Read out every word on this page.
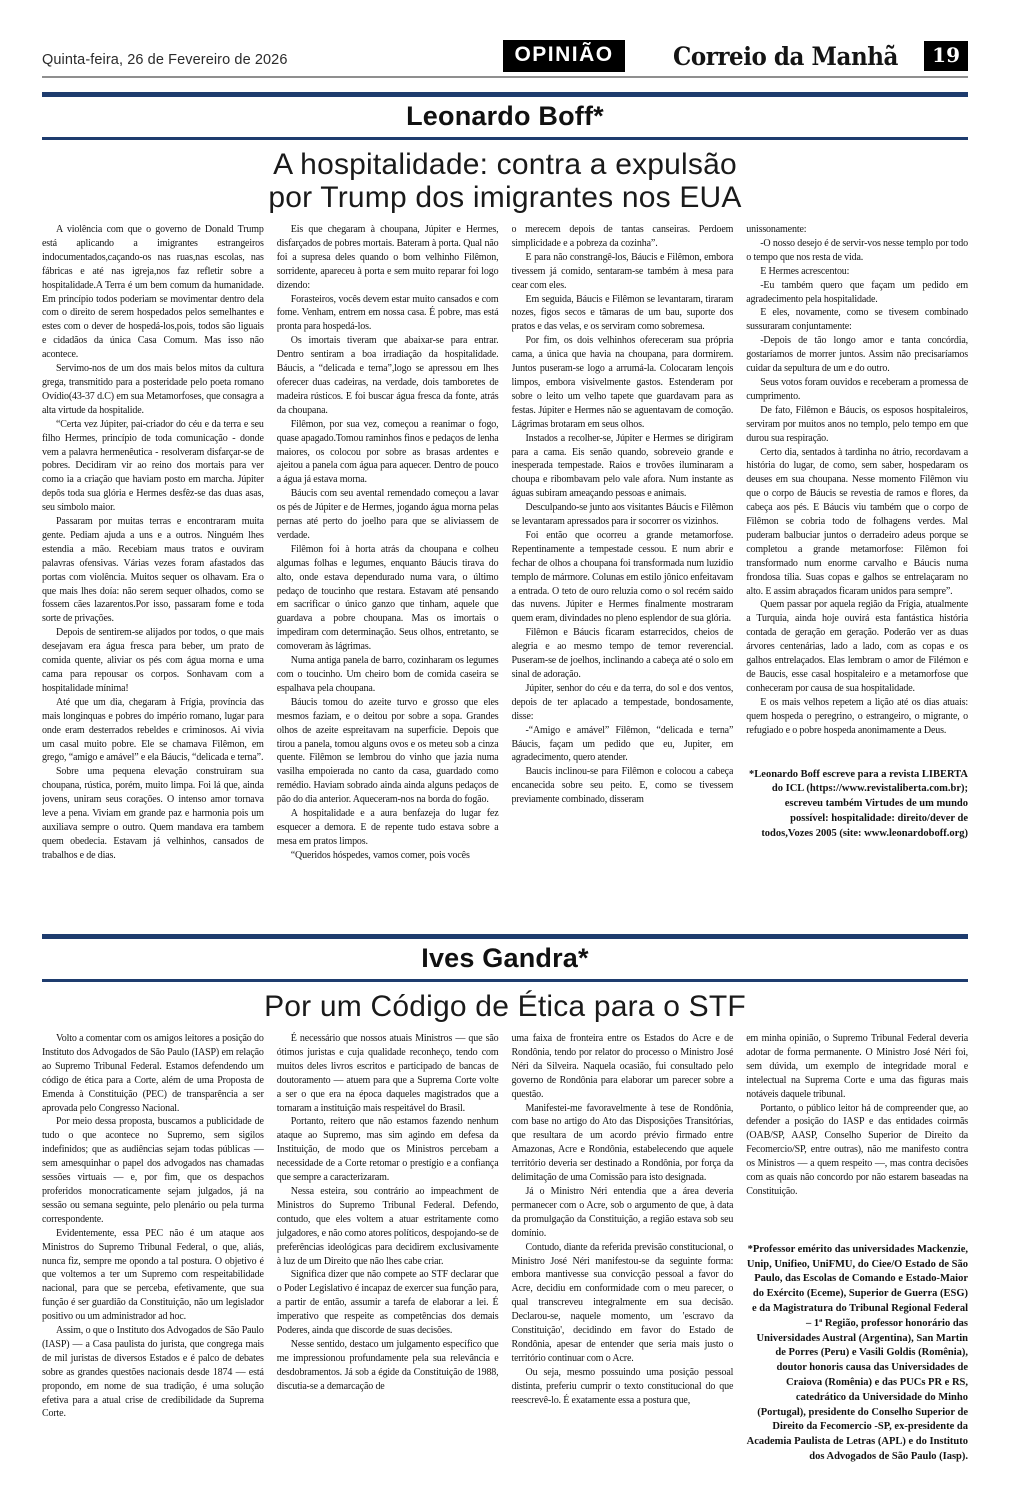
Quinta-feira, 26 de Fevereiro de 2026	OPINIÃO	Correio da Manhã	19
Leonardo Boff*
A hospitalidade: contra a expulsão
por Trump dos imigrantes nos EUA

A violência com que o governo de Donald Trump está aplicando a imigrantes estrangeiros indocumentados,caçando-os nas ruas,nas escolas, nas fábricas e até nas igreja,nos faz refletir sobre a hospitalidade.A Terra é um bem comum da humanidade. Em princípio todos poderiam se movimentar dentro dela com o direito de serem hospedados pelos semelhantes e estes com o dever de hospedá-los,pois, todos são liguais e cidadãos da única Casa Comum. Mas isso não acontece.

Servimo-nos de um dos mais belos mitos da cultura grega, transmitido para a posteridade pelo poeta romano Ovídio(43-37 d.C) em sua Metamorfoses, que consagra a alta virtude da hospitalide.

“Certa vez Júpiter, pai-criador do céu e da terra e seu filho Hermes, princípio de toda comunicação - donde vem a palavra hermenêutica - resolveram disfarçar-se de pobres. Decidiram vir ao reino dos mortais para ver como ia a criação que haviam posto em marcha. Júpiter depôs toda sua glória e Hermes desfêz-se das duas asas, seu símbolo maior.

Passaram por muitas terras e encontraram muita gente. Pediam ajuda a uns e a outros. Ninguém lhes estendia a mão. Recebiam maus tratos e ouviram palavras ofensivas. Várias vezes foram afastados das portas com violência. Muitos sequer os olhavam. Era o que mais lhes doía: não serem sequer olhados, como se fossem cães lazarentos.Por isso, passaram fome e toda sorte de privações.

Depois de sentirem-se alijados por todos, o que mais desejavam era água fresca para beber, um prato de comida quente, aliviar os pés com água morna e uma cama para repousar os corpos. Sonhavam com a hospitalidade mínima!

Até que um dia, chegaram à Frígia, província das mais longinquas e pobres do império romano, lugar para onde eram desterrados rebeldes e criminosos. Ai vivia um casal muito pobre. Ele se chamava Filêmon, em grego, “amigo e amável” e ela Báucis, “delicada e terna”.

Sobre uma pequena elevação construiram sua choupana, rústica, porém, muito limpa. Foi lá que, ainda jovens, uniram seus corações. O intenso amor tornava leve a pena. Viviam em grande paz e harmonia pois um auxiliava sempre o outro. Quem mandava era tambem quem obedecia. Estavam já velhinhos, cansados de trabalhos e de dias.

Eis que chegaram à choupana, Júpiter e Hermes, disfarçados de pobres mortais. Bateram à porta. Qual não foi a supresa deles quando o bom velhinho Filêmon, sorridente, apareceu à porta e sem muito reparar foi logo dizendo:

Forasteiros, vocês devem estar muito cansados e com fome. Venham, entrem em nossa casa. É pobre, mas está pronta para hospedá-los.

Os imortais tiveram que abaixar-se para entrar. Dentro sentiram a boa irradiação da hospitalidade. Báucis, a “delicada e terna”,logo se apressou em lhes oferecer duas cadeiras, na verdade, dois tamboretes de madeira rústicos. E foi buscar água fresca da fonte, atrás da choupana.

Filêmon, por sua vez, começou a reanimar o fogo, quase apagado.Tomou raminhos finos e pedaços de lenha maiores, os colocou por sobre as brasas ardentes e ajeitou a panela com água para aquecer. Dentro de pouco a água já estava morna.

Báucis com seu avental remendado começou a lavar os pés de Júpiter e de Hermes, jogando água morna pelas pernas até perto do joelho para que se aliviassem de verdade.

Filêmon foi à horta atrás da choupana e colheu algumas folhas e legumes, enquanto Báucis tirava do alto, onde estava dependurado numa vara, o último pedaço de toucinho que restara. Estavam até pensando em sacrificar o único ganzo que tinham, aquele que guardava a pobre choupana. Mas os imortais o impediram com determinação. Seus olhos, entretanto, se comoveram às lágrimas.

Numa antiga panela de barro, cozinharam os legumes com o toucinho. Um cheiro bom de comida caseira se espalhava pela choupana.

Báucis tomou do azeite turvo e grosso que eles mesmos faziam, e o deitou por sobre a sopa. Grandes olhos de azeite espreitavam na superfície. Depois que tirou a panela, tomou alguns ovos e os meteu sob a cinza quente. Filêmon se lembrou do vinho que jazia numa vasilha empoierada no canto da casa, guardado como remédio. Haviam sobrado ainda ainda alguns pedaços de pão do dia anterior. Aqueceram-nos na borda do fogão.

A hospitalidade e a aura benfazeja do lugar fez esquecer a demora. E de repente tudo estava sobre a mesa em pratos limpos.

“Queridos hóspedes, vamos comer, pois vocês

o merecem depois de tantas canseiras. Perdoem simplicidade e a pobreza da cozinha”.

E para não constrangê-los, Báucis e Filêmon, embora tivessem já comido, sentaram-se também à mesa para cear com eles.

Em seguida, Báucis e Filêmon se levantaram, tiraram nozes, figos secos e tâmaras de um bau, suporte dos pratos e das velas, e os serviram como sobremesa.

Por fim, os dois velhinhos ofereceram sua própria cama, a única que havia na choupana, para dormirem. Juntos puseram-se logo a arrumá-la. Colocaram lençois limpos, embora visivelmente gastos. Estenderam por sobre o leito um velho tapete que guardavam para as festas. Júpiter e Hermes não se aguentavam de comoção. Lágrimas brotaram em seus olhos.

Instados a recolher-se, Júpiter e Hermes se dirigiram para a cama. Eis senão quando, sobreveio grande e inesperada tempestade. Raios e trovões iluminaram a choupa e ribombavam pelo vale afora. Num instante as águas subiram ameaçando pessoas e animais.

Desculpando-se junto aos visitantes Báucis e Filêmon se levantaram apressados para ir socorrer os vizinhos.

Foi então que ocorreu a grande metamorfose. Repentinamente a tempestade cessou. E num abrir e fechar de olhos a choupana foi transformada num luzidio templo de mármore. Colunas em estilo jônico enfeitavam a entrada. O teto de ouro reluzia como o sol recém saido das nuvens. Júpiter e Hermes finalmente mostraram quem eram, divindades no pleno esplendor de sua glória.

Filêmon e Báucis ficaram estarrecidos, cheios de alegria e ao mesmo tempo de temor reverencial. Puseram-se de joelhos, inclinando a cabeça até o solo em sinal de adoração.

Júpiter, senhor do céu e da terra, do sol e dos ventos, depois de ter aplacado a tempestade, bondosamente, disse:

-“Amigo e amável” Filêmon, “delicada e terna” Báucis, façam um pedido que eu, Jupiter, em agradecimento, quero atender.

Baucis inclinou-se para Filêmon e colocou a cabeça encanecida sobre seu peito. E, como se tivessem previamente combinado, disseram

unissonamente:

-O nosso desejo é de servir-vos nesse templo por todo o tempo que nos resta de vida.

E Hermes acrescentou:

-Eu também quero que façam um pedido em agradecimento pela hospitalidade.

E eles, novamente, como se tivesem combinado sussuraram conjuntamente:

-Depois de tão longo amor e tanta concórdia, gostaríamos de morrer juntos. Assim não precisaríamos cuidar da sepultura de um e do outro.

Seus votos foram ouvidos e receberam a promessa de cumprimento.

De fato, Filêmon e Báucis, os esposos hospitaleiros, serviram por muitos anos no templo, pelo tempo em que durou sua respiração.

Certo dia, sentados à tardinha no átrio, recordavam a história do lugar, de como, sem saber, hospedaram os deuses em sua choupana. Nesse momento Filêmon viu que o corpo de Báucis se revestia de ramos e flores, da cabeça aos pés. E Báucis viu também que o corpo de Filêmon se cobria todo de folhagens verdes. Mal puderam balbuciar juntos o derradeiro adeus porque se completou a grande metamorfose: Filêmon foi transformado num enorme carvalho e Báucis numa frondosa tília. Suas copas e galhos se entrelaçaram no alto. E assim abraçados ficaram unidos para sempre”.

Quem passar por aquela região da Frígia, atualmente a Turquia, ainda hoje ouvirá esta fantástica história contada de geração em geração. Poderão ver as duas árvores centenárias, lado a lado, com as copas e os galhos entrelaçados. Elas lembram o amor de Filémon e de Baucis, esse casal hospitaleiro e a metamorfose que conheceram por causa de sua hospitalidade.

E os mais velhos repetem a lição até os dias atuais: quem hospeda o peregrino, o estrangeiro, o migrante, o refugiado e o pobre hospeda anonimamente a Deus.

*Leonardo Boff escreve para a revista LIBERTA do ICL (https://www.revistaliberta.com.br); escreveu também Virtudes de um mundo possível: hospitalidade: direito/dever de todos,Vozes 2005 (site: www.leonardoboff.org)

Ives Gandra*
Por um Código de Ética para o STF

Volto a comentar com os amigos leitores a posição do Instituto dos Advogados de São Paulo (IASP) em relação ao Supremo Tribunal Federal. Estamos defendendo um código de ética para a Corte, além de uma Proposta de Emenda à Constituição (PEC) de transparência a ser aprovada pelo Congresso Nacional.

Por meio dessa proposta, buscamos a publicidade de tudo o que acontece no Supremo, sem sigilos indefinidos; que as audiências sejam todas públicas — sem amesquinhar o papel dos advogados nas chamadas sessões virtuais — e, por fim, que os despachos proferidos monocraticamente sejam julgados, já na sessão ou semana seguinte, pelo plenário ou pela turma correspondente.

Evidentemente, essa PEC não é um ataque aos Ministros do Supremo Tribunal Federal, o que, aliás, nunca fiz, sempre me opondo a tal postura. O objetivo é que voltemos a ter um Supremo com respeitabilidade nacional, para que se perceba, efetivamente, que sua função é ser guardião da Constituição, não um legislador positivo ou um administrador ad hoc.

Assim, o que o Instituto dos Advogados de São Paulo (IASP) — a Casa paulista do jurista, que congrega mais de mil juristas de diversos Estados e é palco de debates sobre as grandes questões nacionais desde 1874 — está propondo, em nome de sua tradição, é uma solução efetiva para a atual crise de credibilidade da Suprema Corte.

É necessário que nossos atuais Ministros — que são ótimos juristas e cuja qualidade reconheço, tendo com muitos deles livros escritos e participado de bancas de doutoramento — atuem para que a Suprema Corte volte a ser o que era na época daqueles magistrados que a tornaram a instituição mais respeitável do Brasil.

Portanto, reitero que não estamos fazendo nenhum ataque ao Supremo, mas sim agindo em defesa da Instituição, de modo que os Ministros percebam a necessidade de a Corte retomar o prestígio e a confiança que sempre a caracterizaram.

Nessa esteira, sou contrário ao impeachment de Ministros do Supremo Tribunal Federal. Defendo, contudo, que eles voltem a atuar estritamente como julgadores, e não como atores políticos, despojando-se de preferências ideológicas para decidirem exclusivamente à luz de um Direito que não lhes cabe criar.

Significa dizer que não compete ao STF declarar que o Poder Legislativo é incapaz de exercer sua função para, a partir de então, assumir a tarefa de elaborar a lei. É imperativo que respeite as competências dos demais Poderes, ainda que discorde de suas decisões.

Nesse sentido, destaco um julgamento específico que me impressionou profundamente pela sua relevância e desdobramentos. Já sob a égide da Constituição de 1988, discutia-se a demarcação de

uma faixa de fronteira entre os Estados do Acre e de Rondônia, tendo por relator do processo o Ministro José Néri da Silveira. Naquela ocasião, fui consultado pelo governo de Rondônia para elaborar um parecer sobre a questão.

Manifestei-me favoravelmente à tese de Rondônia, com base no artigo do Ato das Disposições Transitórias, que resultara de um acordo prévio firmado entre Amazonas, Acre e Rondônia, estabelecendo que aquele território deveria ser destinado a Rondônia, por força da delimitação de uma Comissão para isto designada.

Já o Ministro Néri entendia que a área deveria permanecer com o Acre, sob o argumento de que, à data da promulgação da Constituição, a região estava sob seu domínio.

Contudo, diante da referida previsão constitucional, o Ministro José Néri manifestou-se da seguinte forma: embora mantivesse sua convicção pessoal a favor do Acre, decidiu em conformidade com o meu parecer, o qual transcreveu integralmente em sua decisão. Declarou-se, naquele momento, um 'escravo da Constituição', decidindo em favor do Estado de Rondônia, apesar de entender que seria mais justo o território continuar com o Acre.

Ou seja, mesmo possuindo uma posição pessoal distinta, preferiu cumprir o texto constitucional do que reescrevê-lo. É exatamente essa a postura que,

em minha opinião, o Supremo Tribunal Federal deveria adotar de forma permanente. O Ministro José Néri foi, sem dúvida, um exemplo de integridade moral e intelectual na Suprema Corte e uma das figuras mais notáveis daquele tribunal.

Portanto, o público leitor há de compreender que, ao defender a posição do IASP e das entidades coirmãs (OAB/SP, AASP, Conselho Superior de Direito da Fecomercio/SP, entre outras), não me manifesto contra os Ministros — a quem respeito —, mas contra decisões com as quais não concordo por não estarem baseadas na Constituição.

*Professor emérito das universidades Mackenzie, Unip, Unifieo, UniFMU, do Ciee/O Estado de São Paulo, das Escolas de Comando e Estado-Maior do Exército (Eceme), Superior de Guerra (ESG) e da Magistratura do Tribunal Regional Federal – 1ª Região, professor honorário das Universidades Austral (Argentina), San Martin de Porres (Peru) e Vasili Goldis (Romênia), doutor honoris causa das Universidades de Craiova (Romênia) e das PUCs PR e RS, catedrático da Universidade do Minho (Portugal), presidente do Conselho Superior de Direito da Fecomercio -SP, ex-presidente da Academia Paulista de Letras (APL) e do Instituto dos Advogados de São Paulo (Iasp).
